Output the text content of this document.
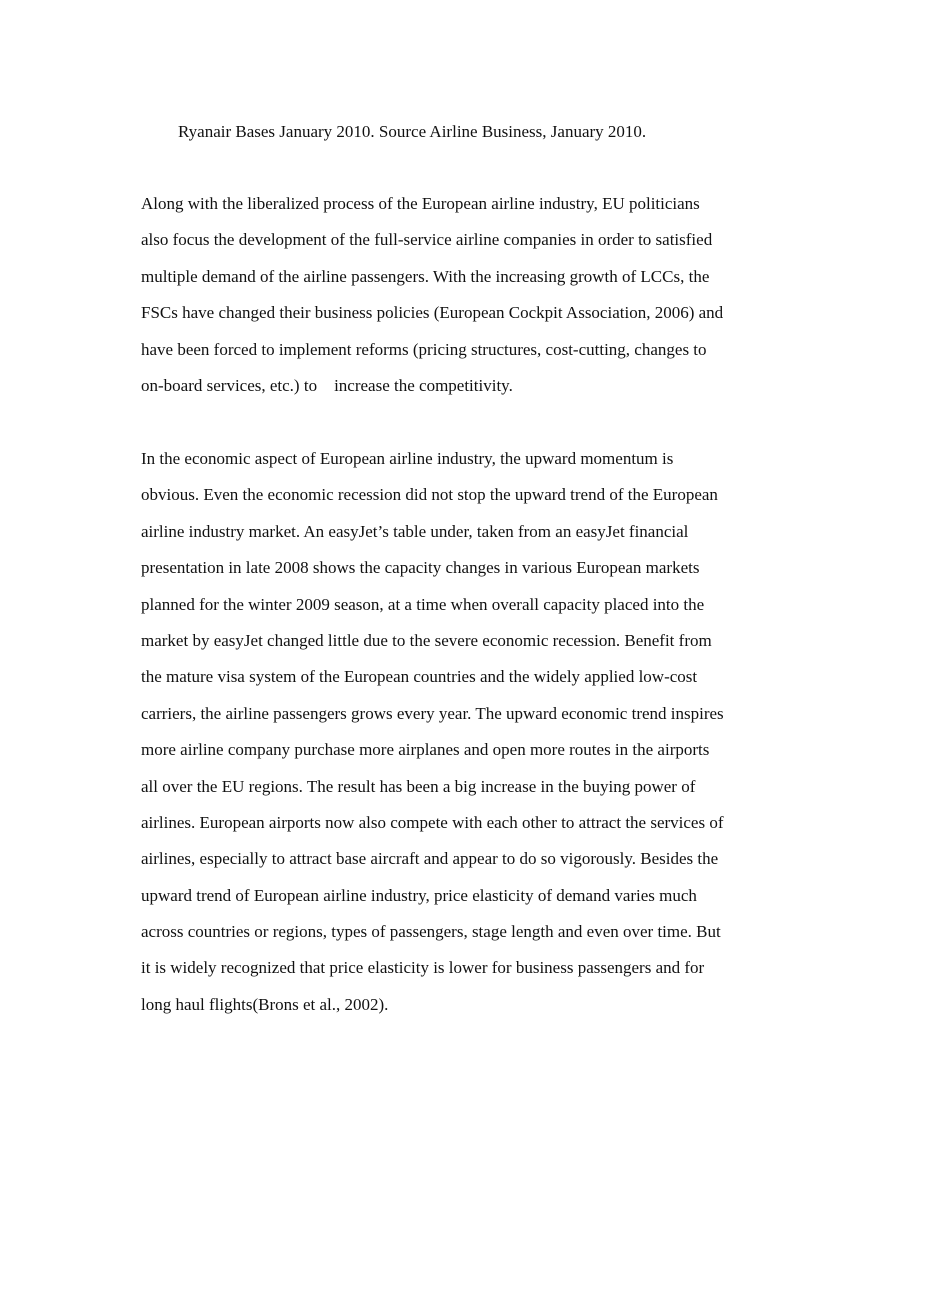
Ryanair Bases January 2010. Source Airline Business, January 2010.

Along with the liberalized process of the European airline industry, EU politicians
also focus the development of the full-service airline companies in order to satisfied
multiple demand of the airline passengers. With the increasing growth of LCCs, the
FSCs have changed their business policies (European Cockpit Association, 2006) and
have been forced to implement reforms (pricing structures, cost-cutting, changes to
on-board services, etc.) to    increase the competitivity.

In the economic aspect of European airline industry, the upward momentum is
obvious. Even the economic recession did not stop the upward trend of the European
airline industry market. An easyJet’s table under, taken from an easyJet financial
presentation in late 2008 shows the capacity changes in various European markets
planned for the winter 2009 season, at a time when overall capacity placed into the
market by easyJet changed little due to the severe economic recession. Benefit from
the mature visa system of the European countries and the widely applied low-cost
carriers, the airline passengers grows every year. The upward economic trend inspires
more airline company purchase more airplanes and open more routes in the airports
all over the EU regions. The result has been a big increase in the buying power of
airlines. European airports now also compete with each other to attract the services of
airlines, especially to attract base aircraft and appear to do so vigorously. Besides the
upward trend of European airline industry, price elasticity of demand varies much
across countries or regions, types of passengers, stage length and even over time. But
it is widely recognized that price elasticity is lower for business passengers and for
long haul flights(Brons et al., 2002).
